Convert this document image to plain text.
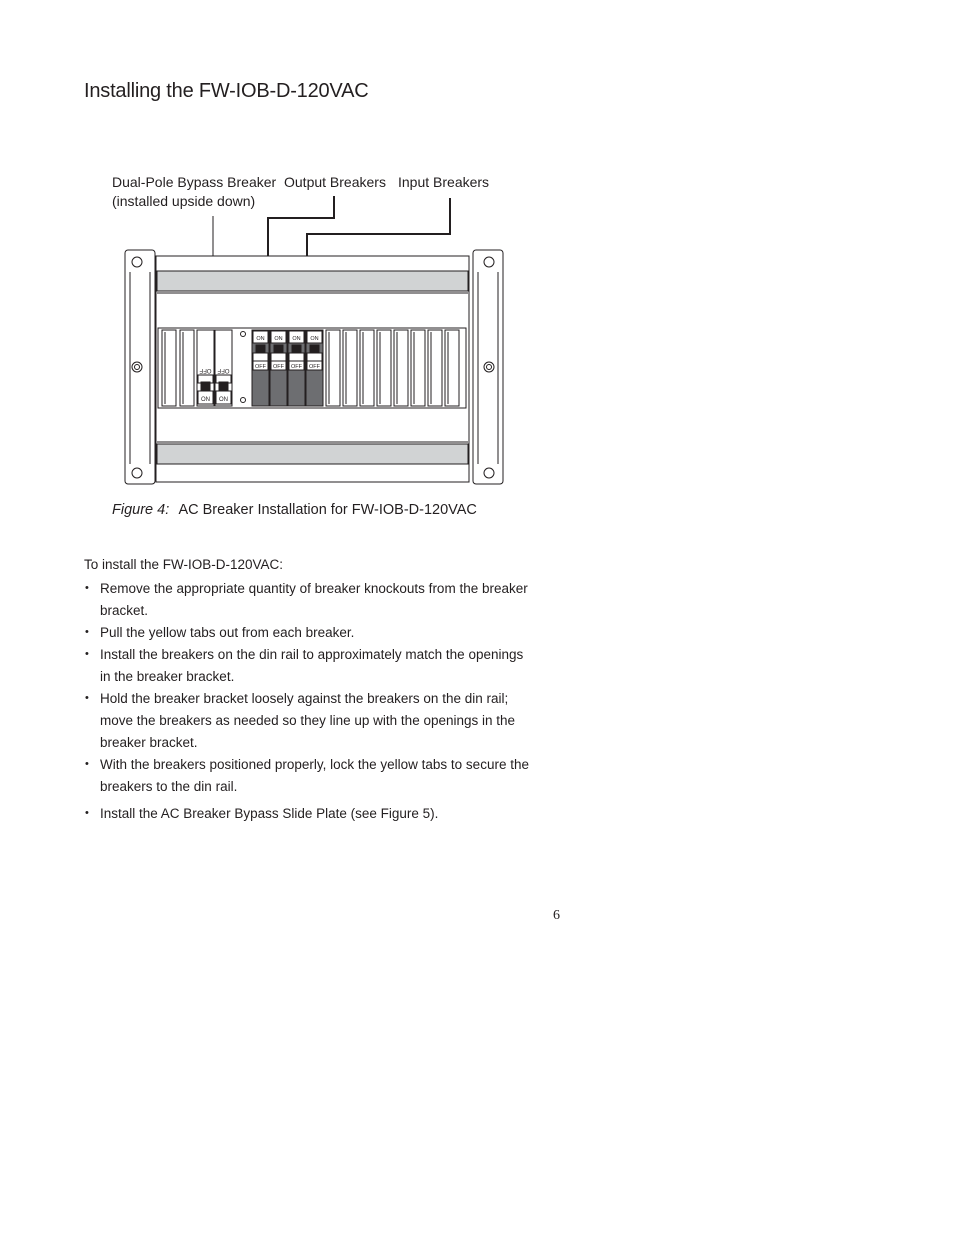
Installing the FW-IOB-D-120VAC
Dual-Pole Bypass Breaker
(installed upside down)
Output Breakers Input Breakers
OFF OFF
ON ON
ON ON ON ON
OFF OFF OFF OFF
Figure 4: AC Breaker Installation for FW-IOB-D-120VAC
To install the FW-IOB-D-120VAC:
• Remove the appropriate quantity of breaker knockouts from the breaker bracket.
• Pull the yellow tabs out from each breaker.
• Install the breakers on the din rail to approximately match the openings in the breaker bracket.
• Hold the breaker bracket loosely against the breakers on the din rail; move the breakers as needed so they line up with the openings in the breaker bracket.
• With the breakers positioned properly, lock the yellow tabs to secure the breakers to the din rail.
• Install the AC Breaker Bypass Slide Plate (see Figure 5).
6
